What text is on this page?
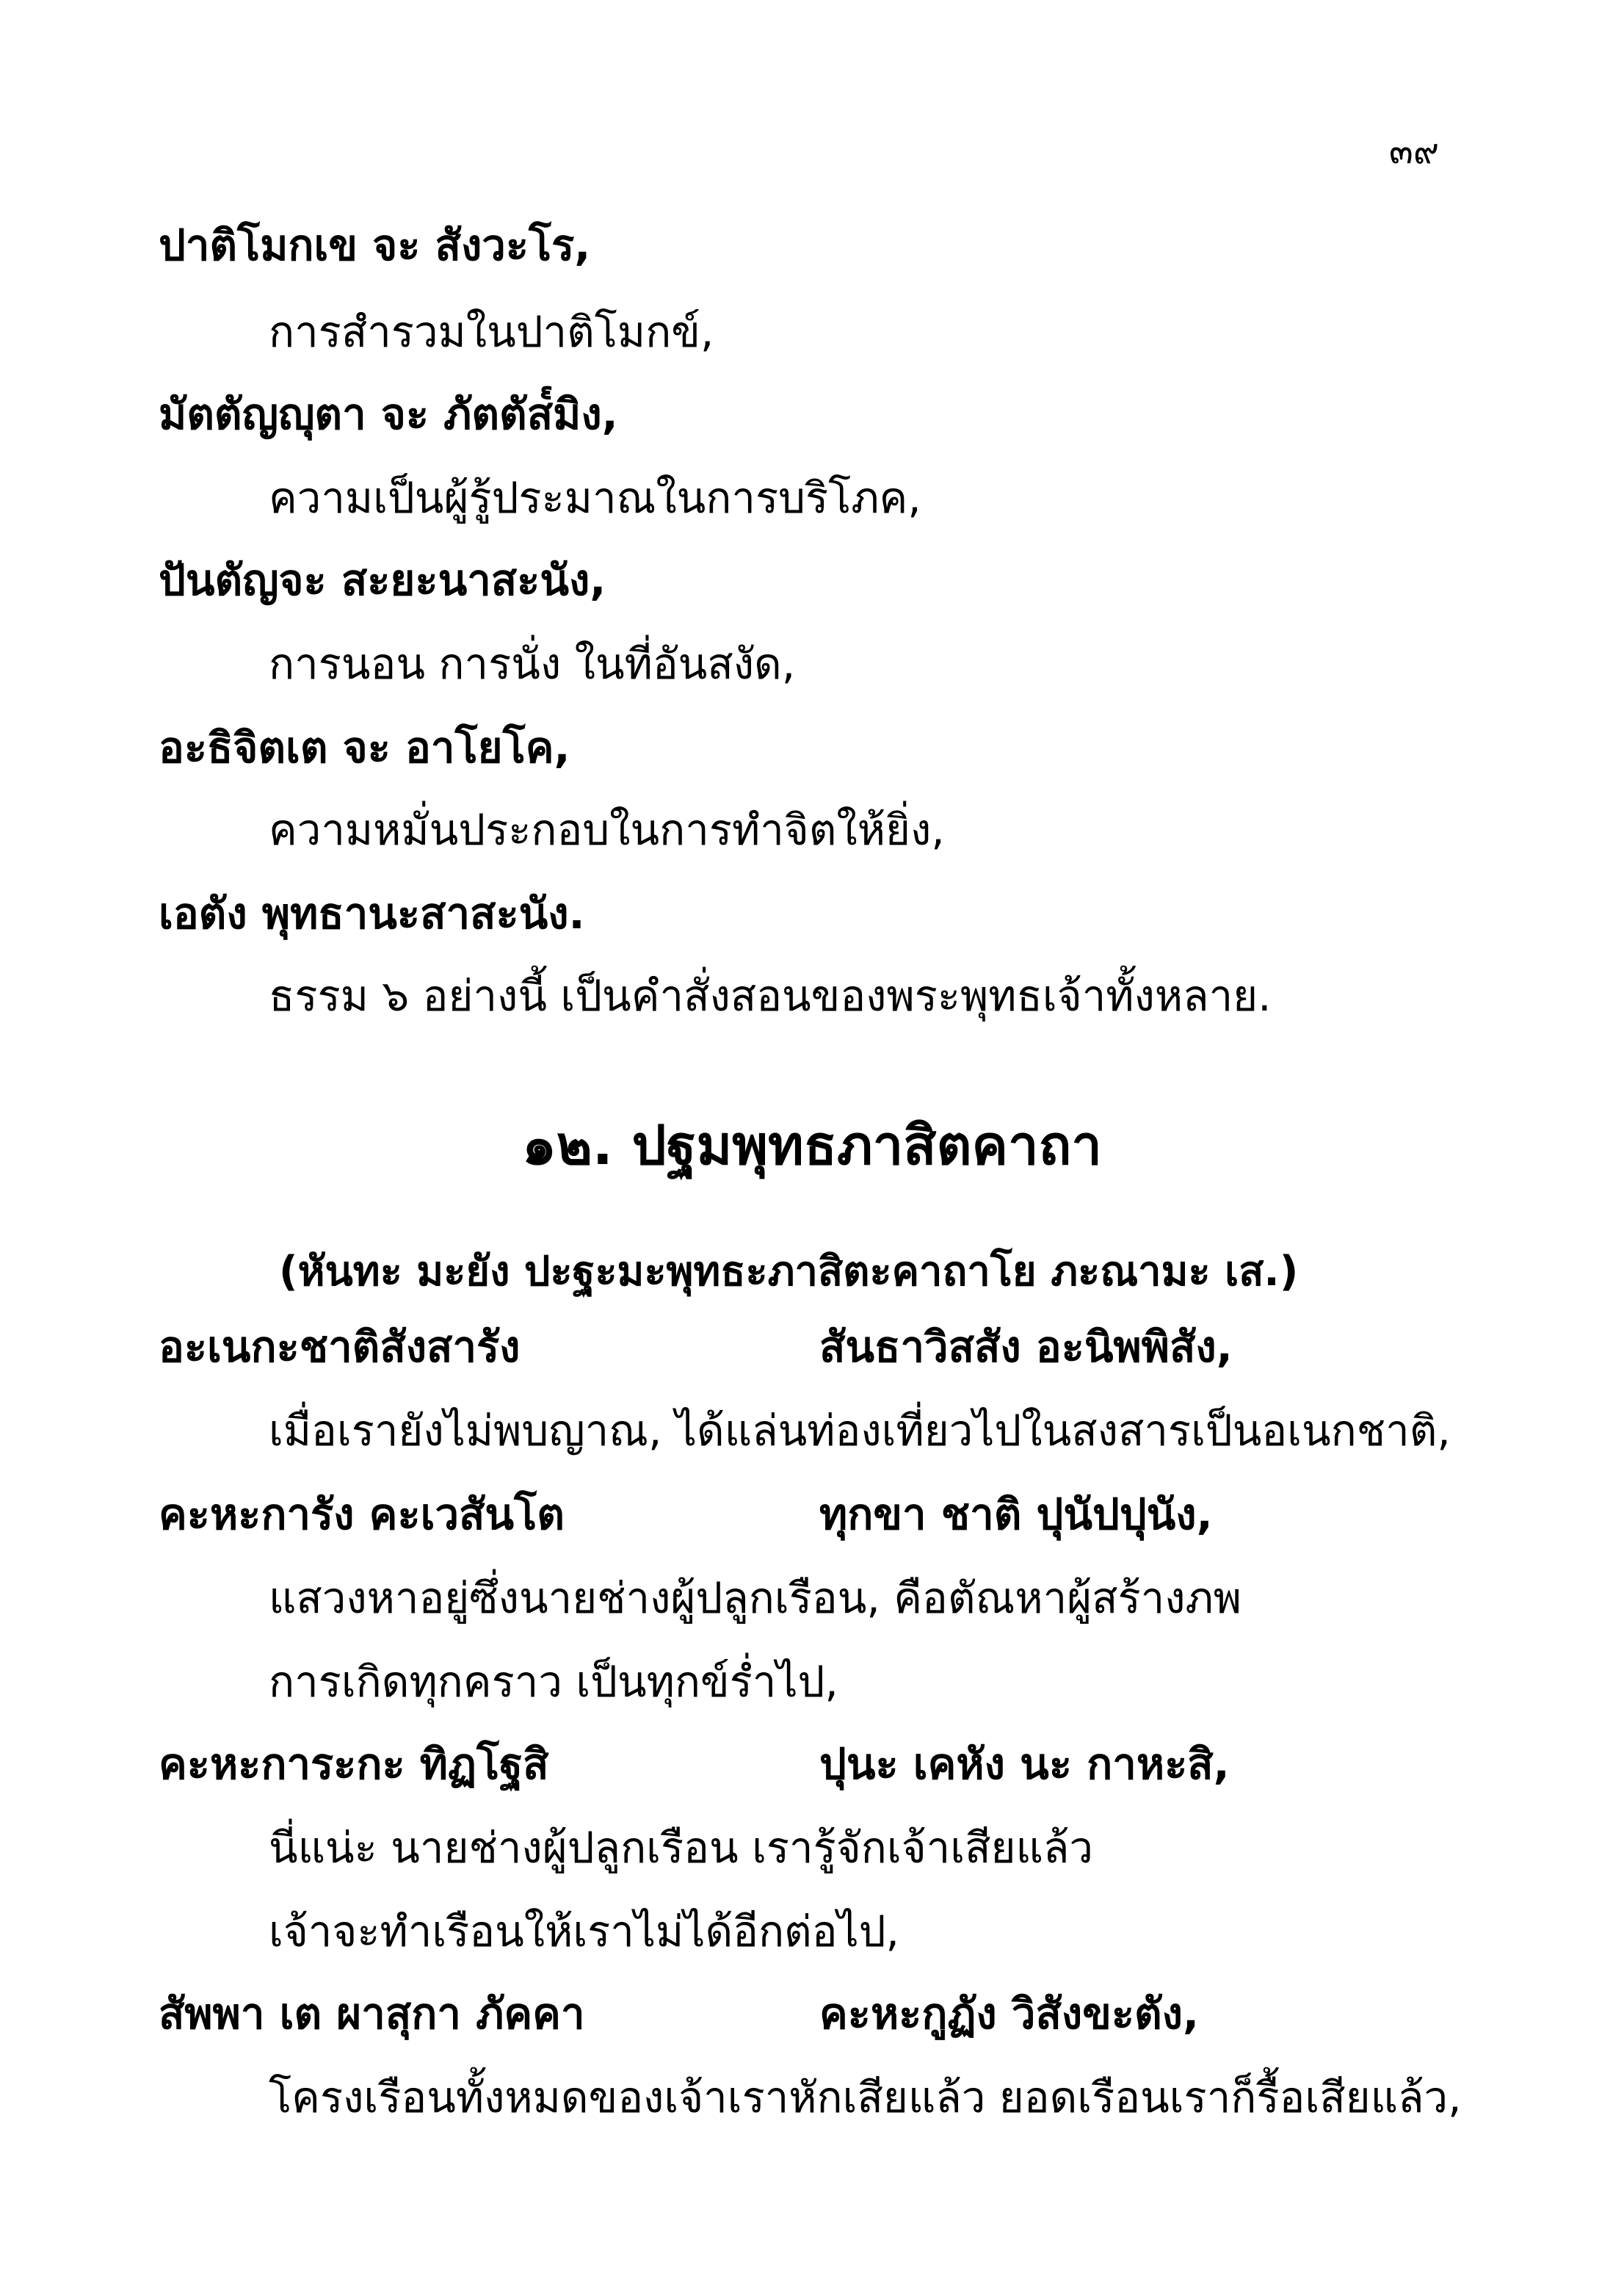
๓๙
ปาติโมกเข จะ สังวะโร,
การสำรวมในปาติโมกข์,
มัตตัญญุตา จะ ภัตตัส๎มิง,
ความเป็นผู้รู้ประมาณในการบริโภค,
ปันตัญจะ สะยะนาสะนัง,
การนอน การนั่ง ในที่อันสงัด,
อะธิจิตเต จะ อาโยโค,
ความหมั่นประกอบในการทำจิตให้ยิ่ง,
เอตัง พุทธานะสาสะนัง.
ธรรม ๖ อย่างนี้ เป็นคำสั่งสอนของพระพุทธเจ้าทั้งหลาย.
๑๒. ปฐมพุทธภาสิตคาถา
(หันทะ มะยัง ปะฐะมะพุทธะภาสิตะคาถาโย ภะณามะ เส.)
อะเนกะชาติสังสารัง	สันธาวิสสัง อะนิพพิสัง,
เมื่อเรายังไม่พบญาณ, ได้แล่นท่องเที่ยวไปในสงสารเป็นอเนกชาติ,
คะหะการัง คะเวสันโต	ทุกขา ชาติ ปุนัปปุนัง,
แสวงหาอยู่ซึ่งนายช่างผู้ปลูกเรือน, คือตัณหาผู้สร้างภพ
การเกิดทุกคราว เป็นทุกข์ร่ำไป,
คะหะการะกะ ทิฏโฐสิ	ปุนะ เคหัง นะ กาหะสิ,
นี่แน่ะ นายช่างผู้ปลูกเรือน เรารู้จักเจ้าเสียแล้ว
เจ้าจะทำเรือนให้เราไม่ได้อีกต่อไป,
สัพพา เต ผาสุกา ภัคคา	คะหะกูฏัง วิสังขะตัง,
โครงเรือนทั้งหมดของเจ้าเราหักเสียแล้ว ยอดเรือนเราก็รื้อเสียแล้ว,
